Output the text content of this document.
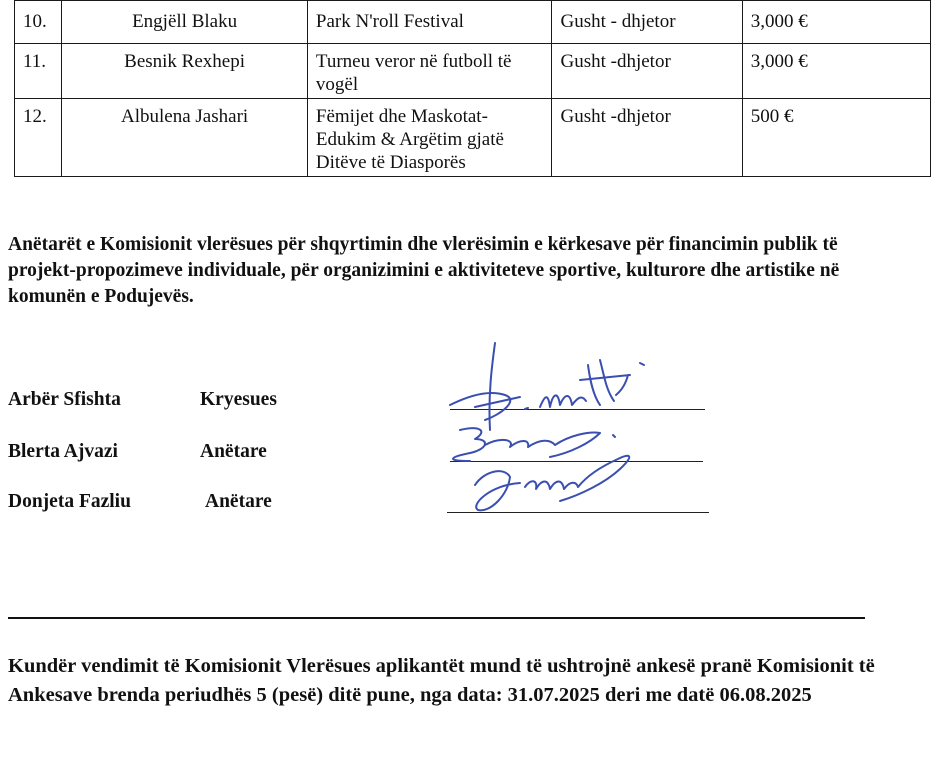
10.	Engjëll Blaku	Park N'roll Festival	Gusht - dhjetor	3,000 €
11.	Besnik Rexhepi	Turneu veror në futboll të vogël	Gusht -dhjetor	3,000 €
12.	Albulena Jashari	Fëmijet dhe Maskotat-Edukim & Argëtim gjatë Ditëve të Diasporës	Gusht -dhjetor	500 €

Anëtarët e Komisionit vlerësues për shqyrtimin dhe vlerësimin e kërkesave për financimin publik të projekt-propozimeve individuale, për organizimini e aktiviteteve sportive, kulturore dhe artistike në komunën e Podujevës.

Arbër Sfishta	Kryesues
Blerta Ajvazi	Anëtare
Donjeta Fazliu	Anëtare

Kundër vendimit të Komisionit Vlerësues aplikantët mund të ushtrojnë ankesë pranë Komisionit të Ankesave brenda periudhës 5 (pesë) ditë pune, nga data: 31.07.2025 deri me datë 06.08.2025
